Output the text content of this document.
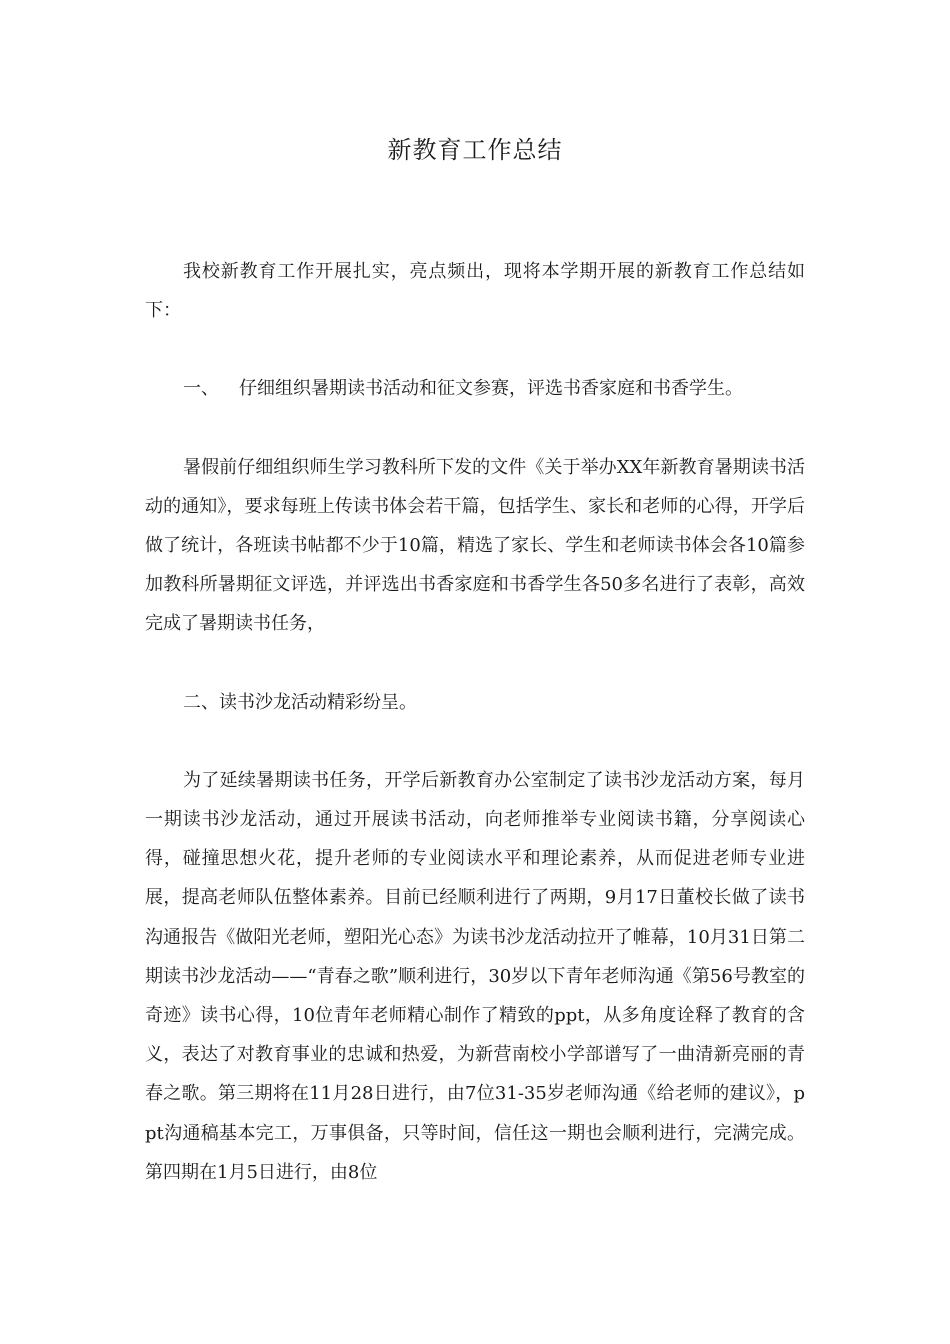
新教育工作总结

我校新教育工作开展扎实，亮点频出，现将本学期开展的新教育工作总结如下：

一、 仔细组织暑期读书活动和征文参赛，评选书香家庭和书香学生。

暑假前仔细组织师生学习教科所下发的文件《关于举办XX年新教育暑期读书活动的通知》，要求每班上传读书体会若干篇，包括学生、家长和老师的心得，开学后做了统计，各班读书帖都不少于10篇，精选了家长、学生和老师读书体会各10篇参加教科所暑期征文评选，并评选出书香家庭和书香学生各50多名进行了表彰，高效完成了暑期读书任务，

二、读书沙龙活动精彩纷呈。

为了延续暑期读书任务，开学后新教育办公室制定了读书沙龙活动方案，每月一期读书沙龙活动，通过开展读书活动，向老师推举专业阅读书籍，分享阅读心得，碰撞思想火花，提升老师的专业阅读水平和理论素养，从而促进老师专业进展，提高老师队伍整体素养。目前已经顺利进行了两期，9月17日董校长做了读书沟通报告《做阳光老师，塑阳光心态》为读书沙龙活动拉开了帷幕，10月31日第二期读书沙龙活动——“青春之歌”顺利进行，30岁以下青年老师沟通《第56号教室的奇迹》读书心得，10位青年老师精心制作了精致的ppt，从多角度诠释了教育的含义，表达了对教育事业的忠诚和热爱，为新营南校小学部谱写了一曲清新亮丽的青春之歌。第三期将在11月28日进行，由7位31-35岁老师沟通《给老师的建议》，ppt沟通稿基本完工，万事俱备，只等时间，信任这一期也会顺利进行，完满完成。第四期在1月5日进行，由8位
